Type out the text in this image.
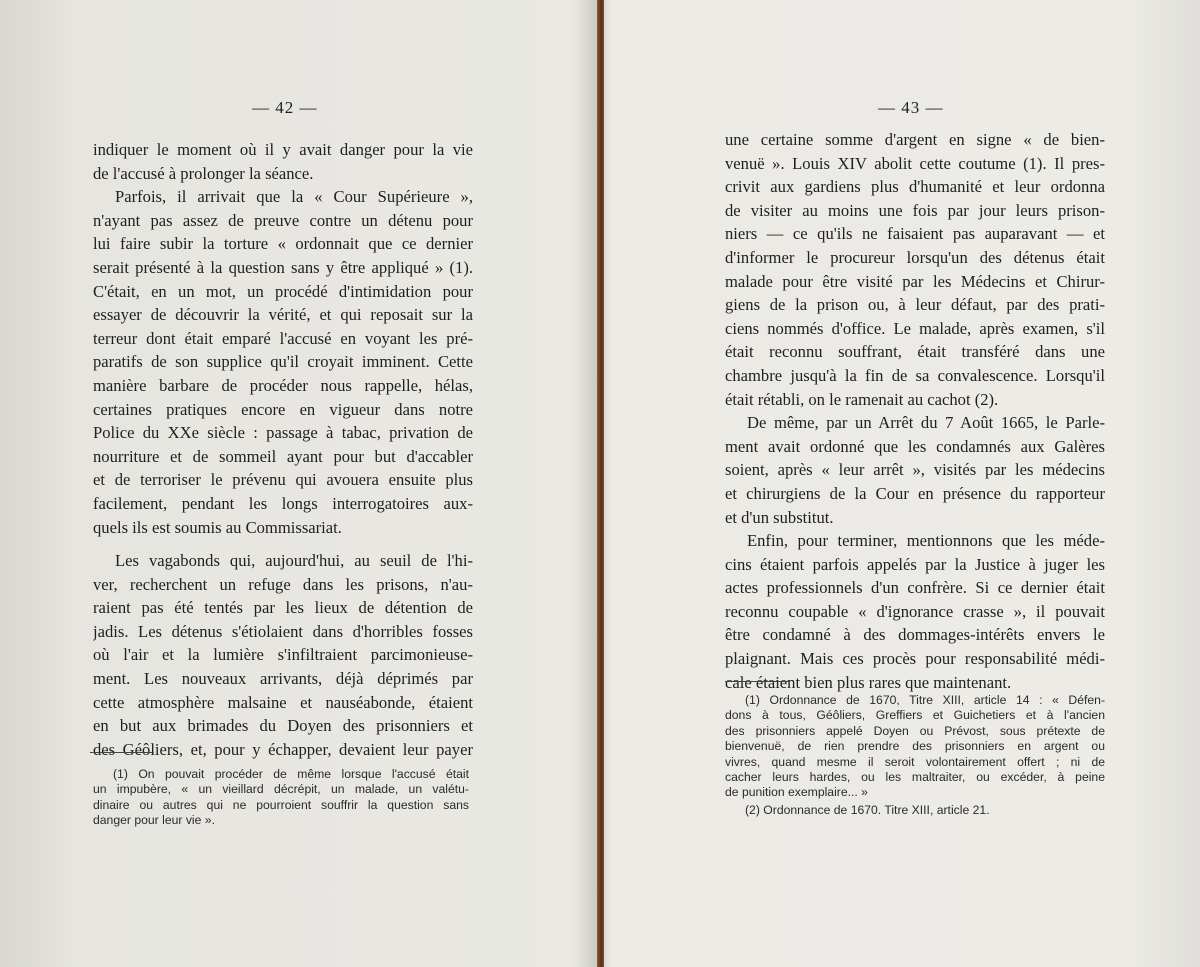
— 42 —
indiquer le moment où il y avait danger pour la vie
de l'accusé à prolonger la séance.
Parfois, il arrivait que la « Cour Supérieure »,
n'ayant pas assez de preuve contre un détenu pour
lui faire subir la torture « ordonnait que ce dernier
serait présenté à la question sans y être appliqué » (1).
C'était, en un mot, un procédé d'intimidation pour
essayer de découvrir la vérité, et qui reposait sur la
terreur dont était emparé l'accusé en voyant les pré-
paratifs de son supplice qu'il croyait imminent. Cette
manière barbare de procéder nous rappelle, hélas,
certaines pratiques encore en vigueur dans notre
Police du XXe siècle : passage à tabac, privation de
nourriture et de sommeil ayant pour but d'accabler
et de terroriser le prévenu qui avouera ensuite plus
facilement, pendant les longs interrogatoires aux-
quels ils est soumis au Commissariat.
Les vagabonds qui, aujourd'hui, au seuil de l'hi-
ver, recherchent un refuge dans les prisons, n'au-
raient pas été tentés par les lieux de détention de
jadis. Les détenus s'étiolaient dans d'horribles fosses
où l'air et la lumière s'infiltraient parcimonieuse-
ment. Les nouveaux arrivants, déjà déprimés par
cette atmosphère malsaine et nauséabonde, étaient
en but aux brimades du Doyen des prisonniers et
des Géôliers, et, pour y échapper, devaient leur payer
(1) On pouvait procéder de même lorsque l'accusé était
un impubère, « un vieillard décrépit, un malade, un valétu-
dinaire ou autres qui ne pourroient souffrir la question sans
danger pour leur vie ».
— 43 —
une certaine somme d'argent en signe « de bien-
venuë ». Louis XIV abolit cette coutume (1). Il pres-
crivit aux gardiens plus d'humanité et leur ordonna
de visiter au moins une fois par jour leurs prison-
niers — ce qu'ils ne faisaient pas auparavant — et
d'informer le procureur lorsqu'un des détenus était
malade pour être visité par les Médecins et Chirur-
giens de la prison ou, à leur défaut, par des prati-
ciens nommés d'office. Le malade, après examen, s'il
était reconnu souffrant, était transféré dans une
chambre jusqu'à la fin de sa convalescence. Lorsqu'il
était rétabli, on le ramenait au cachot (2).
De même, par un Arrêt du 7 Août 1665, le Parle-
ment avait ordonné que les condamnés aux Galères
soient, après « leur arrêt », visités par les médecins
et chirurgiens de la Cour en présence du rapporteur
et d'un substitut.
Enfin, pour terminer, mentionnons que les méde-
cins étaient parfois appelés par la Justice à juger les
actes professionnels d'un confrère. Si ce dernier était
reconnu coupable « d'ignorance crasse », il pouvait
être condamné à des dommages-intérêts envers le
plaignant. Mais ces procès pour responsabilité médi-
cale étaient bien plus rares que maintenant.
(1) Ordonnance de 1670, Titre XIII, article 14 : « Défen-
dons à tous, Géôliers, Greffiers et Guichetiers et à l'ancien
des prisonniers appelé Doyen ou Prévost, sous prétexte de
bienvenuë, de rien prendre des prisonniers en argent ou
vivres, quand mesme il seroit volontairement offert ; ni de
cacher leurs hardes, ou les maltraiter, ou excéder, à peine
de punition exemplaire... »
(2) Ordonnance de 1670. Titre XIII, article 21.
